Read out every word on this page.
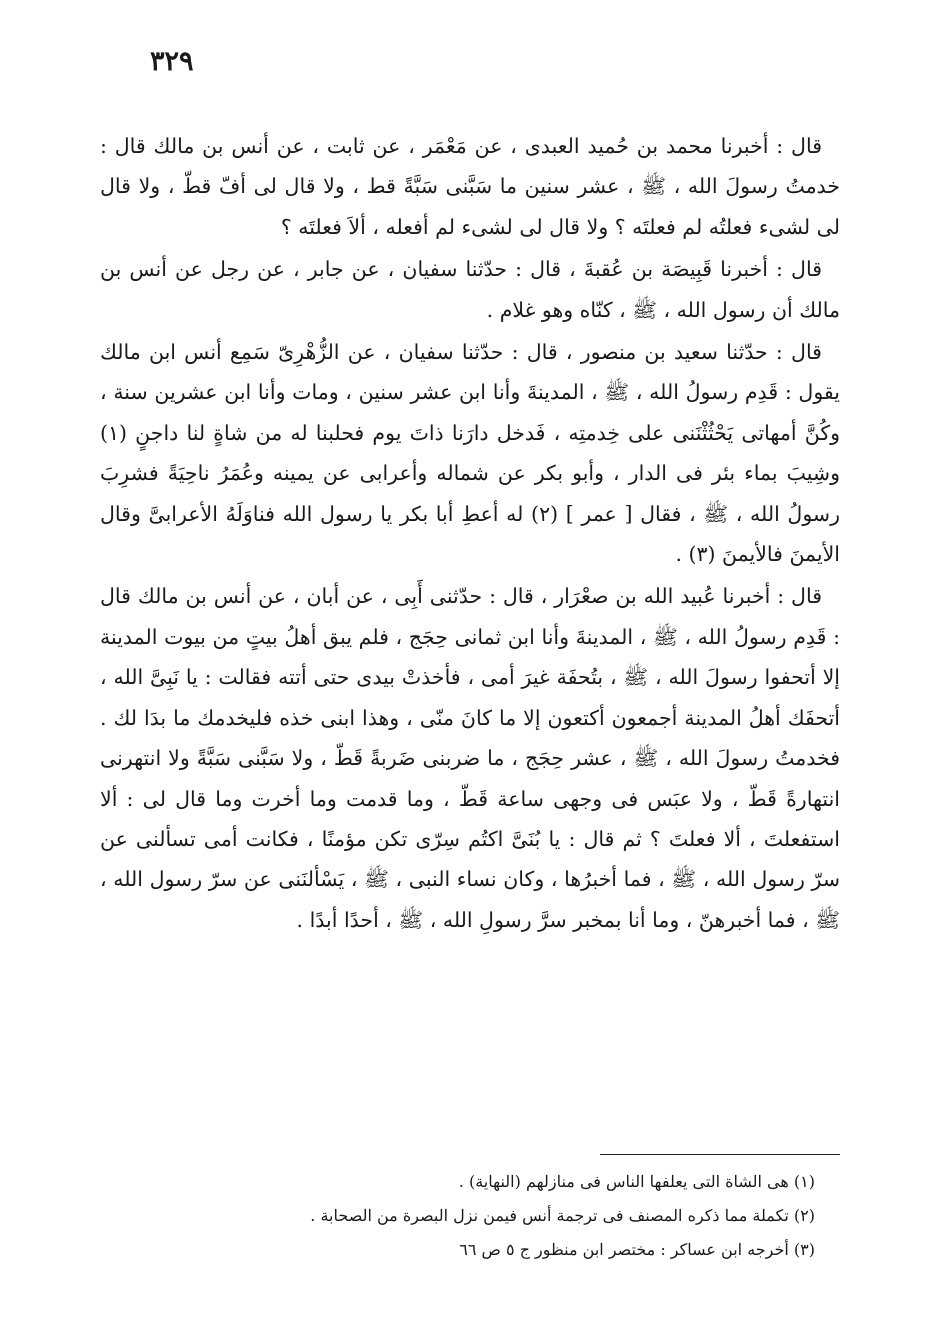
٣٢٩

قال : أخبرنا محمد بن حُميد العبدى ، عن مَعْمَر ، عن ثابت ، عن أنس بن مالك قال : خدمتُ رسولَ الله ، ﷺ ، عشر سنين ما سَبَّنى سَبَّةً قط ، ولا قال لى أفّ قطّ ، ولا قال لى لشىء فعلتُه لم فعلتَه ؟ ولا قال لى لشىء لم أفعله ، ألاَ فعلتَه ؟

قال : أخبرنا قَبِيصَة بن عُقبةَ ، قال : حدّثنا سفيان ، عن جابر ، عن رجل عن أنس بن مالك أن رسول الله ، ﷺ ، كنّاه وهو غلام .

قال : حدّثنا سعيد بن منصور ، قال : حدّثنا سفيان ، عن الزُّهْرِىّ سَمِع أنس ابن مالك يقول : قَدِم رسولُ الله ، ﷺ ، المدينةَ وأنا ابن عشر سنين ، ومات وأنا ابن عشرين سنة ، وكُنَّ أمهاتى يَحْثُثْنَنى على خِدمتِه ، فَدخل دارَنا ذاتَ يوم فحلبنا له من شاةٍ لنا داجنٍ (١) وشِيبَ بماء بئر فى الدار ، وأبو بكر عن شماله وأعرابى عن يمينه وعُمَرُ ناحِيَةً فشرِبَ رسولُ الله ، ﷺ ، فقال [ عمر ] (٢) له أعطِ أبا بكر يا رسول الله فناوَلَهُ الأعرابىَّ وقال الأيمنَ فالأيمنَ (٣) .

قال : أخبرنا عُبيد الله بن صعْرَار ، قال : حدّثنى أَبِى ، عن أبان ، عن أنس بن مالك قال : قَدِم رسولُ الله ، ﷺ ، المدينةَ وأنا ابن ثمانى حِجَج ، فلم يبق أهلُ بيتٍ من بيوت المدينة إلا أتحفوا رسولَ الله ، ﷺ ، بتُحفَة غيرَ أمى ، فأخذتْ بيدى حتى أتته فقالت : يا نَبِىَّ الله ، أتحفَك أهلُ المدينة أجمعون أكتعون إلا ما كانَ منّى ، وهذا ابنى خذه فليخدمك ما بدَا لك . فخدمتُ رسولَ الله ، ﷺ ، عشر حِجَج ، ما ضربنى ضَربةً قَطّ ، ولا سَبَّنى سَبَّةً ولا انتهرنى انتهارةً قَطّ ، ولا عبَس فى وجهى ساعة قَطّ ، وما قدمت وما أخرت وما قال لى : ألا استفعلتَ ، ألا فعلتَ ؟ ثم قال : يا بُنَىَّ اكتُم سِرّى تكن مؤمنًا ، فكانت أمى تسألنى عن سرّ رسول الله ، ﷺ ، فما أخبرُها ، وكان نساء النبى ، ﷺ ، يَسْألنَنى عن سرّ رسول الله ، ﷺ ، فما أخبرهنّ ، وما أنا بمخبر سرَّ رسولِ الله ، ﷺ ، أحدًا أبدًا .

(١) هى الشاة التى يعلفها الناس فى منازلهم (النهاية) .

(٢) تكملة مما ذكره المصنف فى ترجمة أنس فيمن نزل البصرة من الصحابة .

(٣) أخرجه ابن عساكر : مختصر ابن منظور ج ٥ ص ٦٦
